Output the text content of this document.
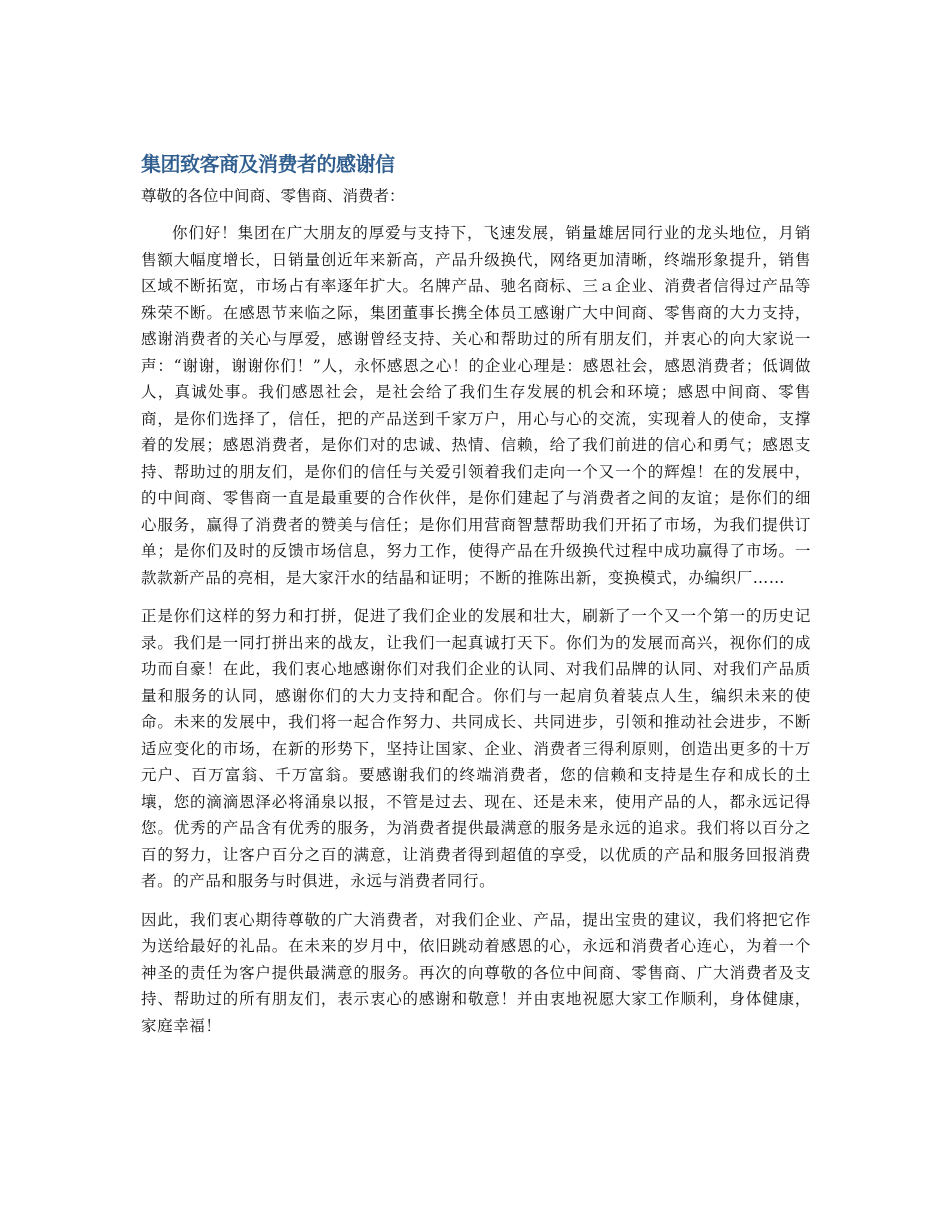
集团致客商及消费者的感谢信

尊敬的各位中间商、零售商、消费者：

你们好！集团在广大朋友的厚爱与支持下，飞速发展，销量雄居同行业的龙头地位，月销售额大幅度增长，日销量创近年来新高，产品升级换代，网络更加清晰，终端形象提升，销售区域不断拓宽，市场占有率逐年扩大。名牌产品、驰名商标、三ａ企业、消费者信得过产品等殊荣不断。在感恩节来临之际，集团董事长携全体员工感谢广大中间商、零售商的大力支持，感谢消费者的关心与厚爱，感谢曾经支持、关心和帮助过的所有朋友们，并衷心的向大家说一声：“谢谢，谢谢你们！”人，永怀感恩之心！的企业心理是：感恩社会，感恩消费者；低调做人，真诚处事。我们感恩社会，是社会给了我们生存发展的机会和环境；感恩中间商、零售商，是你们选择了，信任，把的产品送到千家万户，用心与心的交流，实现着人的使命，支撑着的发展；感恩消费者，是你们对的忠诚、热情、信赖，给了我们前进的信心和勇气；感恩支持、帮助过的朋友们，是你们的信任与关爱引领着我们走向一个又一个的辉煌！在的发展中，的中间商、零售商一直是最重要的合作伙伴，是你们建起了与消费者之间的友谊；是你们的细心服务，赢得了消费者的赞美与信任；是你们用营商智慧帮助我们开拓了市场，为我们提供订单；是你们及时的反馈市场信息，努力工作，使得产品在升级换代过程中成功赢得了市场。一款款新产品的亮相，是大家汗水的结晶和证明；不断的推陈出新，变换模式，办编织厂……

正是你们这样的努力和打拼，促进了我们企业的发展和壮大，刷新了一个又一个第一的历史记录。我们是一同打拼出来的战友，让我们一起真诚打天下。你们为的发展而高兴，视你们的成功而自豪！在此，我们衷心地感谢你们对我们企业的认同、对我们品牌的认同、对我们产品质量和服务的认同，感谢你们的大力支持和配合。你们与一起肩负着装点人生，编织未来的使命。未来的发展中，我们将一起合作努力、共同成长、共同进步，引领和推动社会进步，不断适应变化的市场，在新的形势下，坚持让国家、企业、消费者三得利原则，创造出更多的十万元户、百万富翁、千万富翁。要感谢我们的终端消费者，您的信赖和支持是生存和成长的土壤，您的滴滴恩泽必将涌泉以报，不管是过去、现在、还是未来，使用产品的人，都永远记得您。优秀的产品含有优秀的服务，为消费者提供最满意的服务是永远的追求。我们将以百分之百的努力，让客户百分之百的满意，让消费者得到超值的享受，以优质的产品和服务回报消费者。的产品和服务与时俱进，永远与消费者同行。

因此，我们衷心期待尊敬的广大消费者，对我们企业、产品，提出宝贵的建议，我们将把它作为送给最好的礼品。在未来的岁月中，依旧跳动着感恩的心，永远和消费者心连心，为着一个神圣的责任为客户提供最满意的服务。再次的向尊敬的各位中间商、零售商、广大消费者及支持、帮助过的所有朋友们，表示衷心的感谢和敬意！并由衷地祝愿大家工作顺利，身体健康，家庭幸福！
